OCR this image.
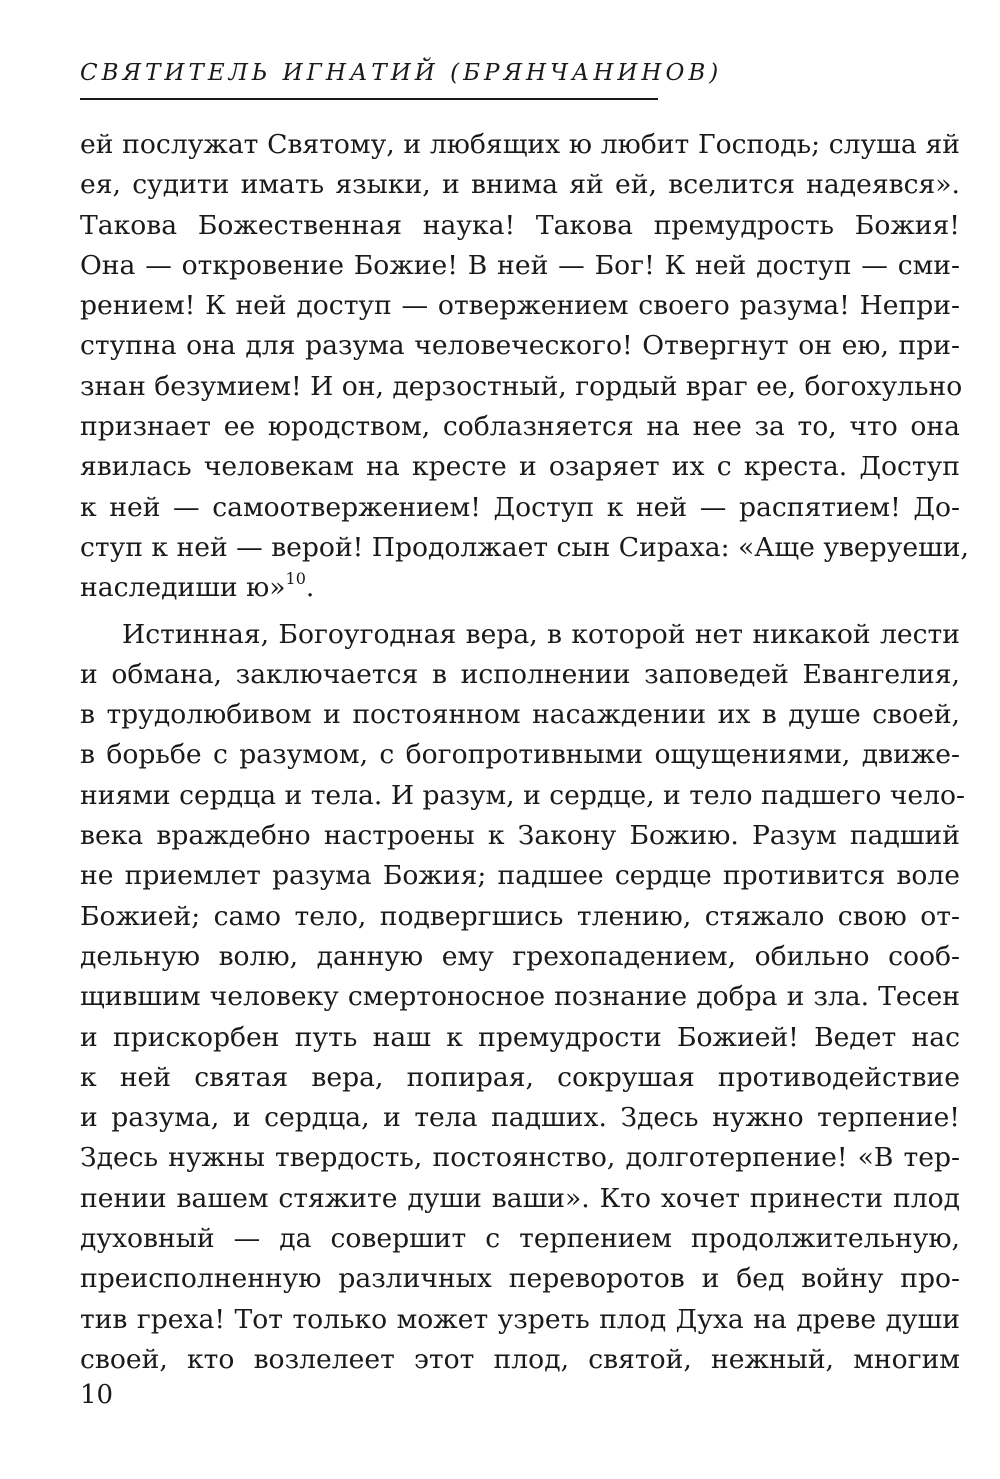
СВЯТИТЕЛЬ ИГНАТИЙ (БРЯНЧАНИНОВ)
ей послужат Святому, и любящих ю любит Господь; слуша яй
ея, судити имать языки, и внима яй ей, вселится надеявся».
Такова Божественная наука! Такова премудрость Божия!
Она — откровение Божие! В ней — Бог! К ней доступ — сми-
рением! К ней доступ — отвержением своего разума! Непри-
ступна она для разума человеческого! Отвергнут он ею, при-
знан безумием! И он, дерзостный, гордый враг ее, богохульно
признает ее юродством, соблазняется на нее за то, что она
явилась человекам на кресте и озаряет их с креста. Доступ
к ней — самоотвержением! Доступ к ней — распятием! До-
ступ к ней — верой! Продолжает сын Сираха: «Аще уверуеши,
наследиши ю»$^{10}$.
Истинная, Богоугодная вера, в которой нет никакой лести
и обмана, заключается в исполнении заповедей Евангелия,
в трудолюбивом и постоянном насаждении их в душе своей,
в борьбе с разумом, с богопротивными ощущениями, движе-
ниями сердца и тела. И разум, и сердце, и тело падшего чело-
века враждебно настроены к Закону Божию. Разум падший
не приемлет разума Божия; падшее сердце противится воле
Божией; само тело, подвергшись тлению, стяжало свою от-
дельную волю, данную ему грехопадением, обильно сооб-
щившим человеку смертоносное познание добра и зла. Тесен
и прискорбен путь наш к премудрости Божией! Ведет нас
к ней святая вера, попирая, сокрушая противодействие
и разума, и сердца, и тела падших. Здесь нужно терпение!
Здесь нужны твердость, постоянство, долготерпение! «В тер-
пении вашем стяжите души ваши». Кто хочет принести плод
духовный — да совершит с терпением продолжительную,
преисполненную различных переворотов и бед войну про-
тив греха! Тот только может узреть плод Духа на древе души
своей, кто возлелеет этот плод, святой, нежный, многим
10
